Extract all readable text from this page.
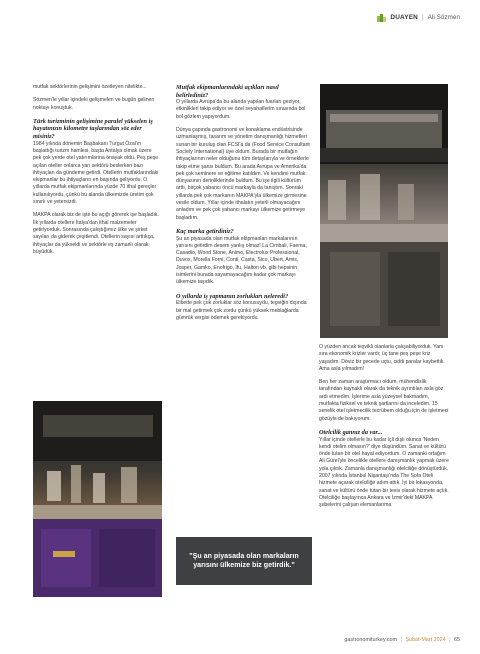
DUAYEN | Ali Sözmen

mutfak sektörlerinin gelişimini özetleyen nitelikte...

Sözmen'le yıllar içindeki gelişmeleri ve bugün gelinen noktayı konuştuk.

Türk turizminin gelişimine paralel yükselen iş hayatınızın kilometre taşlarından söz eder misiniz?

1984 yılında dönemin Başbakanı Turgut Özal'ın başlattığı turizm hamlesi, başta Antalya olmak üzere pek çok yerde otel yatırımlarına önayak oldu. Peş peşe açılan oteller onlarca yan sektörü beslerken bazı ihtiyaçları da gündeme getirdi. Otellerin mutfaklarındaki ekipmanlar bu ihtiyaçların en başında geliyordu. O yıllarda mutfak ekipmanlarında yüzde 70 ithal gereçler kullanılıyordu, çünkü bu alanda ülkemizde üretim çok sınırlı ve yetersizdi.

MAKPA olarak biz de işte bu açığı görerek işe başladık. İlk yıllarda otellere İtalya'dan ithal malzemeler getiriyorduk. Sonrasında çalıştığımız ülke ve şirket sayıları da giderek çeşitlendi. Otellerin sayısı arttıkça, ihtiyaçlar da yükseldi ve sektörle eş zamanlı olarak büyüdük.

Mutfak ekipmanlarındaki açıkları nasıl belirlediniz?

O yıllarda Avrupa'da bu alanda yapılan fuarları geziyor, etkinlikleri takip ediyor ve özel seyahatlerim sırasında bol bol gözlem yapıyordum.

Dünya çapında gastronomi ve konaklama endüstrisinde uzmanlaşmış, tasarım ve yönetim danışmanlığı hizmetleri sunan bir kuruluş olan FCSI'a da (Food Service Consultant Society International) üye oldum. Burada bir mutfağın ihtiyaçlarının neler olduğunu tüm detaylarıyla ve örneklerle takip etme şansı buldum. Bu arada Avrupa ve Amerika'da pek çok seminere ve eğitime katıldım. Ve kendimi mutfak dünyasının derinliklerinde buldum. Bu işe ilgili kültürüm arttı, birçok yabancı öncü markayla da tanıştım. Sonraki yıllarda pek çok markanın MAKPA'yla ülkemize girmesine vesile oldum. Yıllar içinde ithalatın yeterli olmayacağını anladım ve pek çok yabancı markayı ülkemize getirmeye başladım.

Kaç marka getirdiniz?

Şu an piyasada olan mutfak ekipmanları markalarının yarısını getirdim desem yanlış olmaz! La Cimbali, Faema, Casadio, Wood Stone, Animo, Electrolux Professional, Duvox, Morella Forni, Conti, Casta, Sico, Ubert, Amis, Josper, Gamko, Enofrigo, Ifu, Halton vb. gibi hepsinin isimlerini burada sayamayacağım kadar çok markayı ülkemize taşıdık.

O yıllarda iş yapmanın zorlukları neleredi?

Elbette pek çok zorluklar söz konusuydu, tegviğin dışında bir mal getirmek çok zordu çünkü yüksek meblağlarda gümrük vergisi ödemek gerekiyordu.

"Şu an piyasada olan markaların yarısını ülkemize biz getirdik."

O yüzden ancak teşvikli olanlarla çalışabiliyorduk. Yanı sıra ekonomik krizler vardı; üç tane peş peşe kriz yaşadım. Döviz bir gecede uçtu, ciddi paralar kaybettik. Ama asla yılmadım!

Ben her zaman araştırmacı oldum, mühendislik tarafından kaynaklı olarak da teknik ayrıntıları asla göz ardı etmedim. İşlerime asla yüzeysel bakmadım, mutfakta fiziksel ve teknik şartlarını da inceledim. 15 senelik otel işletmecilik tecrübem olduğu için de işletmeci gözüyle de bakıyorum.

Otelcilik gannız da var...

Yıllar içinde otellerle bu kadar içli dışlı olunca 'Neden kendi otelim olmasın?' diye düşündüm. Sanat ve kültürü önde tutan bir otel hayal ediyordum. O zamanki ortağım Ali Gürel'yle öncelikle otellere danışmanlık yapmak üzere yola çıktık. Zamanla danışmanlığı otelciliğe dönüştürdük. 2007 yılında İstanbul Nişantaşı'nda The Sofa Oteli hizmete açarak otelciliğe adım attık. İyi bir lokasyonda, sanat ve kültürü önde tutan bir tesis olarak hizmete açtık. Otelciliğe başlayınca Ankara ve İzmir'deki MAKPA şubelerini çalışan elemanlarıma

gastronomiturkey.com | Şubat-Mart 2024 | 65
